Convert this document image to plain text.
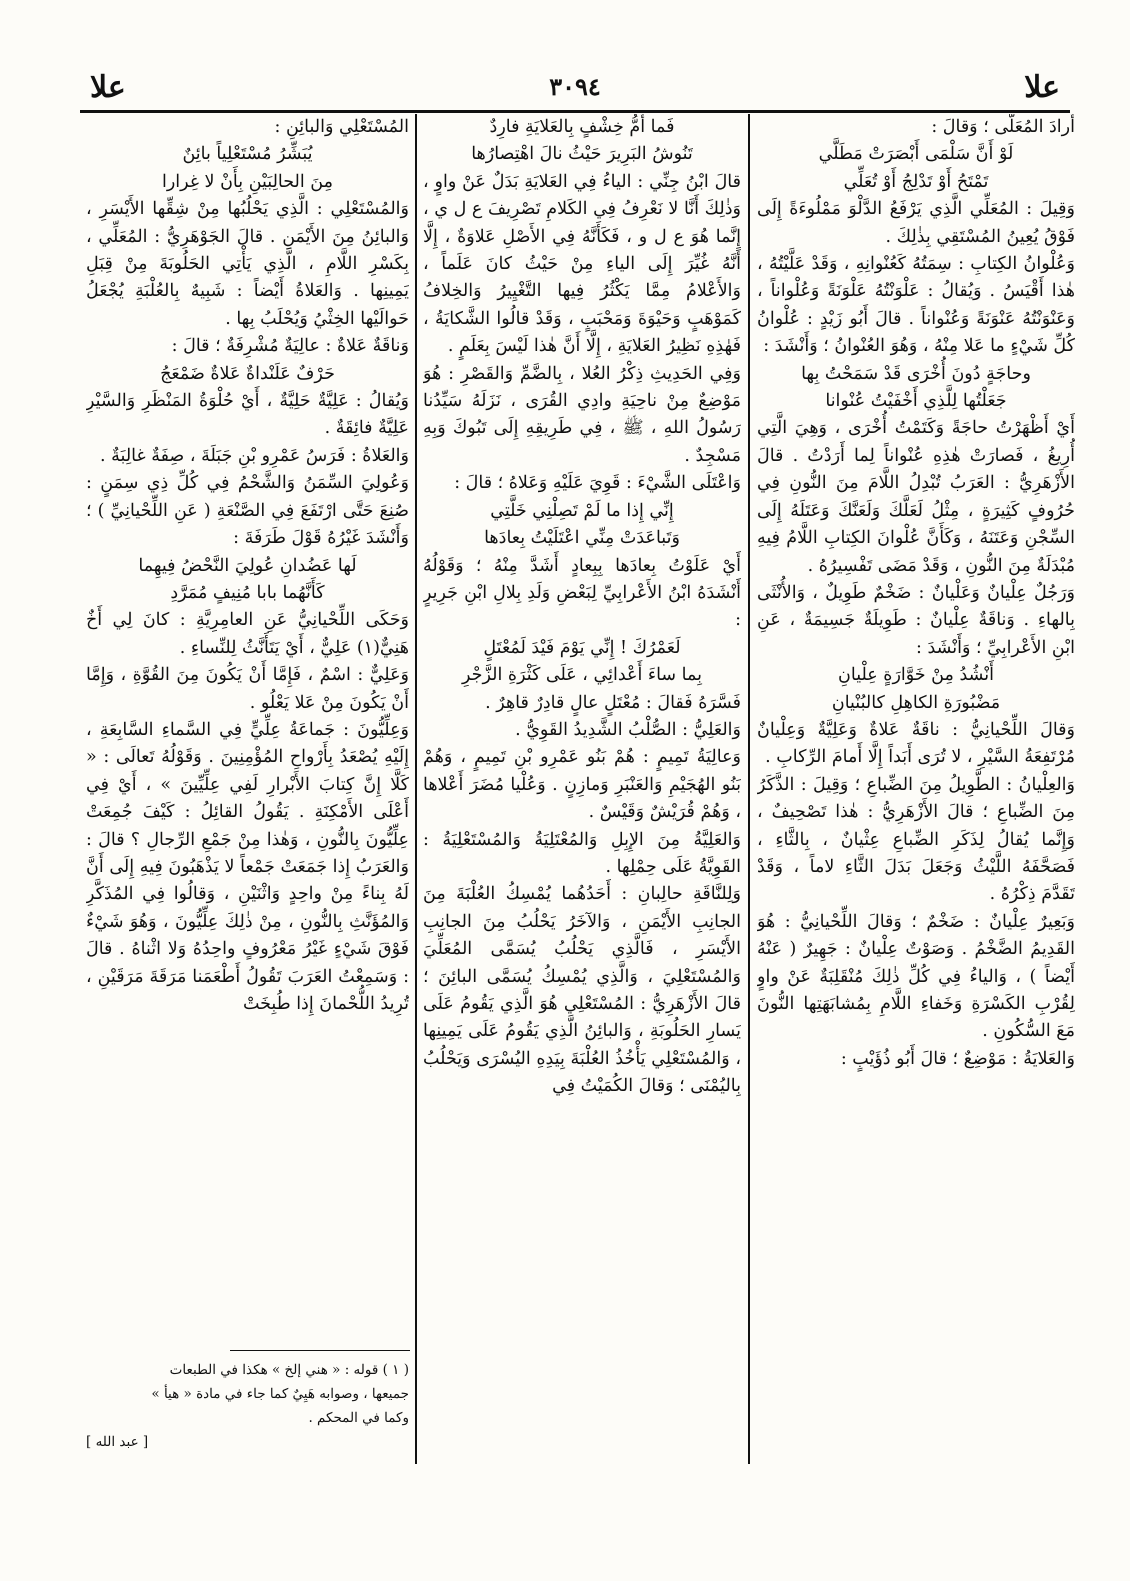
علا
٣٠٩٤
علا

أَرادَ المُعَلَّى ؛ وَقالَ :

لَوْ أَنَّ سَلْمَى أَبْصَرَتْ مَطَلَّي

تَمْتَحُ أَوْ تَدْلِجُ أَوْ تُعَلِّي

وَقِيلَ : المُعَلِّي الَّذِي يَرْفَعُ الدَّلْوَ مَمْلُوءَةً إِلَى فَوْقُ يُعِينُ المُسْتَقِي بِذٰلِكَ .

وَعُلْوانُ الكِتابِ : سِمَتُهُ كَعُنْوانِهِ ، وَقَدْ عَلَّيْتُهُ ، هٰذا أَقْيَسُ . وَيُقالُ : عَلْوَنْتُهُ عَلْوَنَةً وَعُلْواناً ، وَعَنْوَنْتُهُ عَنْوَنَةً وَعُنْواناً . قالَ أَبُو زَيْدٍ : عُلْوانُ كُلِّ شَيْءٍ ما عَلا مِنْهُ ، وَهُوَ العُنْوانُ ؛ وَأَنْشَدَ :

وحاجَةٍ دُونَ أُخْرَى قَدْ سَمَحْتُ بِها

جَعَلْتُها لِلَّذِي أَخْفَيْتُ عُنْوانا

أَيْ أَظْهَرْتُ حاجَةً وَكَتَمْتُ أُخْرَى ، وَهِيَ الَّتِي أُرِيغُ ، فَصارَتْ هٰذِهِ عُنْواناً لِما أَرَدْتُ . قالَ الأَزْهَرِيُّ : العَرَبُ تُبْدِلُ اللَّامَ مِنَ النُّونِ فِي حُرُوفٍ كَثِيرَةٍ ، مِثْلُ لَعَلَّكَ وَلَعَنَّكَ وَعَتَلَهُ إِلَى السِّجْنِ وَعَتَنَهُ ، وَكَأَنَّ عُلْوانَ الكِتابِ اللَّامُ فِيهِ مُبْدَلَةٌ مِنَ النُّونِ ، وَقَدْ مَضَى تَفْسِيرُهُ .

وَرَجُلٌ عِلْيانٌ وَعَلْيانٌ : ضَخْمٌ طَوِيلٌ ، وَالأُنْثَى بِالهاءِ . وَناقَةٌ عِلْيانٌ : طَوِيلَةٌ جَسِيمَةٌ ، عَنِ ابْنِ الأَعْرابِيِّ ؛ وَأَنْشَدَ :

أَنْشُدُ مِنْ خَوَّارَةٍ عِلْيانِ

مَضْبُورَةِ الكاهِلِ كالبُنْيانِ

وَقالَ اللِّحْيانِيُّ : ناقَةٌ عَلاةٌ وَعَلِيَّةٌ وَعِلْيانٌ مُرْتَفِعَةُ السَّيْرِ ، لا تُرَى أَبَداً إِلَّا أَمامَ الرِّكابِ .

وَالعِلْيانُ : الطَّوِيلُ مِنَ الضِّباعِ ؛ وَقِيلَ : الذَّكَرُ مِنَ الضِّباعِ ؛ قالَ الأَزْهَرِيُّ : هٰذا تَصْحِيفٌ ، وَإِنَّما يُقالُ لِذَكَرِ الضِّباعِ عِثْيانٌ ، بِالثَّاءِ ، فَصَحَّفَهُ اللَّيْثُ وَجَعَلَ بَدَلَ الثَّاءِ لاماً ، وَقَدْ تَقَدَّمَ ذِكْرُهُ .

وَبَعِيرٌ عِلْيانٌ : ضَخْمٌ ؛ وَقالَ اللِّحْيانِيُّ : هُوَ القَدِيمُ الضَّخْمُ . وَصَوْتٌ عِلْيانٌ : جَهِيرٌ ( عَنْهُ أَيْضاً ) ، وَالياءُ فِي كُلِّ ذٰلِكَ مُنْقَلِبَةٌ عَنْ واوٍ لِقُرْبِ الكَسْرَةِ وَخَفاءِ اللَّامِ بِمُشابَهَتِها النُّونَ مَعَ السُّكُونِ .

وَالعَلايَةُ : مَوْضِعٌ ؛ قالَ أَبُو ذُؤَيْبٍ :

فَما أُمُّ خِشْفٍ بِالعَلايَةِ فارِدٌ

تَنُوشُ البَرِيرَ حَيْثُ نالَ اهْتِصارُها

قالَ ابْنُ جِنِّي : الياءُ فِي العَلايَةِ بَدَلٌ عَنْ واوٍ ، وَذٰلِكَ أَنَّا لا نَعْرِفُ فِي الكَلامِ تَصْرِيفَ ع ل ي ، إِنَّما هُوَ ع ل و ، فَكَأَنَّهُ فِي الأَصْلِ عَلاوَةٌ ، إِلَّا أَنَّهُ غُيِّرَ إِلَى الياءِ مِنْ حَيْثُ كانَ عَلَماً ، وَالأَعْلامُ مِمَّا يَكْثُرُ فِيها التَّغْيِيرُ وَالخِلافُ كَمَوْهَبٍ وَحَيْوَةَ وَمَحْبَبٍ ، وَقَدْ قالُوا الشَّكايَةُ ، فَهٰذِهِ نَظِيرُ العَلايَةِ ، إِلَّا أَنَّ هٰذا لَيْسَ بِعَلَمٍ .

وَفِي الحَدِيثِ ذِكْرُ العُلا ، بِالضَّمِّ وَالقَصْرِ : هُوَ مَوْضِعٌ مِنْ ناحِيَةِ وادِي القُرَى ، نَزَلَهُ سَيِّدُنا رَسُولُ اللهِ ، ﷺ ، فِي طَرِيقِهِ إِلَى تَبُوكَ وَبِهِ مَسْجِدٌ .

وَاعْتَلَى الشَّيْءَ : قَوِيَ عَلَيْهِ وَعَلاهُ ؛ قالَ :

إِنِّي إِذا ما لَمْ تَصِلْنِي خَلَّتِي

وَتَباعَدَتْ مِنِّي اعْتَلَيْتُ بِعادَها

أَيْ عَلَوْتُ بِعادَها بِبِعادٍ أَشَدَّ مِنْهُ ؛ وَقَوْلُهُ أَنْشَدَهُ ابْنُ الأَعْرابِيِّ لِبَعْضِ وَلَدِ بِلالِ ابْنِ جَرِيرٍ :

لَعَمْرُكَ ! إِنِّي يَوْمَ فَيْدَ لَمُعْتَلٍ

بِما ساءَ أَعْدائِي ، عَلَى كَثْرَةِ الزَّجْرِ

فَسَّرَهُ فَقالَ : مُعْتَلٍ عالٍ قادِرٌ قاهِرٌ .

وَالعَلِيُّ : الصُّلْبُ الشَّدِيدُ القَوِيُّ .

وَعالِيَةُ تَمِيمٍ : هُمْ بَنُو عَمْرِو بْنِ تَمِيمٍ ، وَهُمْ بَنُو الهُجَيْمِ وَالعَنْبَرِ وَمازِنٍ . وَعُلْيا مُضَرَ أَعْلاها ، وَهُمْ قُرَيْشٌ وَقَيْسٌ .

وَالعَلِيَّةُ مِنَ الإِبِلِ وَالمُعْتَلِيَةُ وَالمُسْتَعْلِيَةُ : القَوِيَّةُ عَلَى حِمْلِها .

وَلِلنَّاقَةِ حالِبانِ : أَحَدُهُما يُمْسِكُ العُلْبَةَ مِنَ الجانِبِ الأَيْمَنِ ، وَالآخَرُ يَحْلُبُ مِنَ الجانِبِ الأَيْسَرِ ، فَالَّذِي يَحْلُبُ يُسَمَّى المُعَلِّيَ وَالمُسْتَعْلِيَ ، وَالَّذِي يُمْسِكُ يُسَمَّى البائِنَ ؛ قالَ الأَزْهَرِيُّ : المُسْتَعْلِي هُوَ الَّذِي يَقُومُ عَلَى يَسارِ الحَلُوبَةِ ، وَالبائِنُ الَّذِي يَقُومُ عَلَى يَمِينِها ، وَالمُسْتَعْلِي يَأْخُذُ العُلْبَةَ بِيَدِهِ اليُسْرَى وَيَحْلُبُ بِاليُمْنَى ؛ وَقالَ الكُمَيْتُ فِي

المُسْتَعْلِي وَالبائِنِ :

يُبَشِّرُ مُسْتَعْلِياً بائِنٌ

مِنَ الحالِبَيْنِ بِأَنْ لا غِرارا

وَالمُسْتَعْلِي : الَّذِي يَحْلُبُها مِنْ شِقِّها الأَيْسَرِ ، وَالبائِنُ مِنَ الأَيْمَنِ . قالَ الجَوْهَرِيُّ : المُعَلِّي ، بِكَسْرِ اللَّامِ ، الَّذِي يَأْتِي الحَلُوبَةَ مِنْ قِبَلِ يَمِينِها . وَالعَلاةُ أَيْضاً : شَبِيهٌ بِالعُلْبَةِ يُجْعَلُ حَوالَيْها الخِثْيُ وَيُحْلَبُ بِها .

وَناقَةٌ عَلاةٌ : عالِيَةٌ مُشْرِفَةٌ ؛ قالَ :

حَرْفٌ عَلَنْداةٌ عَلاةٌ ضَمْعَجُ

وَيُقالُ : عَلِيَّةٌ حَلِيَّةٌ ، أَيْ حُلْوَةُ المَنْظَرِ وَالسَّيْرِ عَلِيَّةٌ فائِقَةٌ .

وَالعَلاةُ : فَرَسُ عَمْرِو بْنِ جَبَلَةَ ، صِفَةٌ غالِبَةٌ .

وَعُولِيَ السِّمَنُ وَالشَّحْمُ فِي كُلِّ ذِي سِمَنٍ : صُنِعَ حَتَّى ارْتَفَعَ فِي الصَّنْعَةِ ( عَنِ اللِّحْيانِيِّ ) ؛ وَأَنْشَدَ غَيْرُهُ قَوْلَ طَرَفَةَ :

لَها عَضُدانِ عُولِيَ النَّحْضُ فِيهِما

كَأَنَّهُما بابا مُنِيفٍ مُمَرَّدِ

وَحَكَى اللِّحْيانِيُّ عَنِ العامِرِيَّةِ : كانَ لِي أَخٌ هَنِيٌّ(١) عَلِيٌّ ، أَيْ يَتَأَنَّثُ لِلنِّساءِ .

وَعَلِيٌّ : اسْمٌ ، فَإِمَّا أَنْ يَكُونَ مِنَ القُوَّةِ ، وَإِمَّا أَنْ يَكُونَ مِنْ عَلا يَعْلُو .

وَعِلِّيُّونَ : جَماعَةُ عِلِّيٍّ فِي السَّماءِ السَّابِعَةِ ، إِلَيْهِ يُصْعَدُ بِأَرْواحِ المُؤْمِنِينَ . وَقَوْلُهُ تَعالَى : « كَلَّا إِنَّ كِتابَ الأَبْرارِ لَفِي عِلِّيِّينَ » ، أَيْ فِي أَعْلَى الأَمْكِنَةِ . يَقُولُ القائِلُ : كَيْفَ جُمِعَتْ عِلِّيُّونَ بِالنُّونِ ، وَهٰذا مِنْ جَمْعِ الرِّجالِ ؟ قالَ : وَالعَرَبُ إِذا جَمَعَتْ جَمْعاً لا يَذْهَبُونَ فِيهِ إِلَى أَنَّ لَهُ بِناءً مِنْ واحِدٍ وَاثْنَيْنِ ، وَقالُوا فِي المُذَكَّرِ وَالمُؤَنَّثِ بِالنُّونِ ، مِنْ ذٰلِكَ عِلِّيُّونَ ، وَهُوَ شَيْءٌ فَوْقَ شَيْءٍ غَيْرُ مَعْرُوفٍ واحِدُهُ وَلا اثْناهُ . قالَ : وَسَمِعْتُ العَرَبَ تَقُولُ أَطْعَمَنا مَرَقَةَ مَرَقَيْنِ ، تُرِيدُ اللُّحْمانَ إِذا طُبِخَتْ

( ١ ) قوله : « هني إلخ » هكذا في الطبعات
جميعها ، وصوابه هَيِيٌ كما جاء في مادة « هيأ »
وكما في المحكم .
[ عبد الله ]
